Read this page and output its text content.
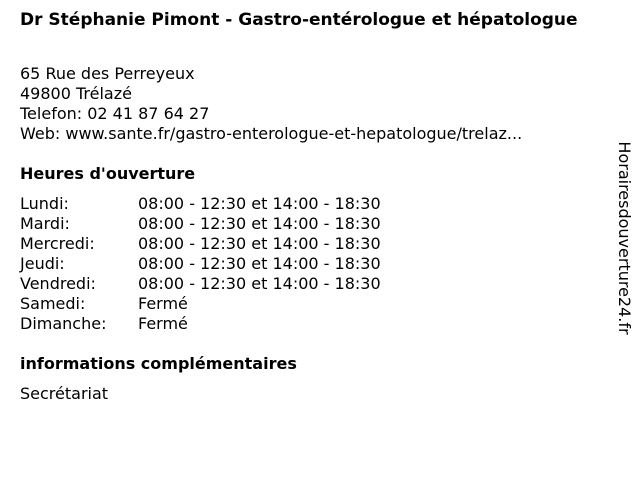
Dr Stéphanie Pimont - Gastro-entérologue et hépatologue
65 Rue des Perreyeux
49800 Trélazé
Telefon: 02 41 87 64 27
Web: www.sante.fr/gastro-enterologue-et-hepatologue/trelaz...
Heures d'ouverture
Lundi:	08:00 - 12:30 et 14:00 - 18:30
Mardi:	08:00 - 12:30 et 14:00 - 18:30
Mercredi:	08:00 - 12:30 et 14:00 - 18:30
Jeudi:	08:00 - 12:30 et 14:00 - 18:30
Vendredi:	08:00 - 12:30 et 14:00 - 18:30
Samedi:	Fermé
Dimanche:	Fermé
informations complémentaires
Secrétariat
Horairesdouverture24.fr
